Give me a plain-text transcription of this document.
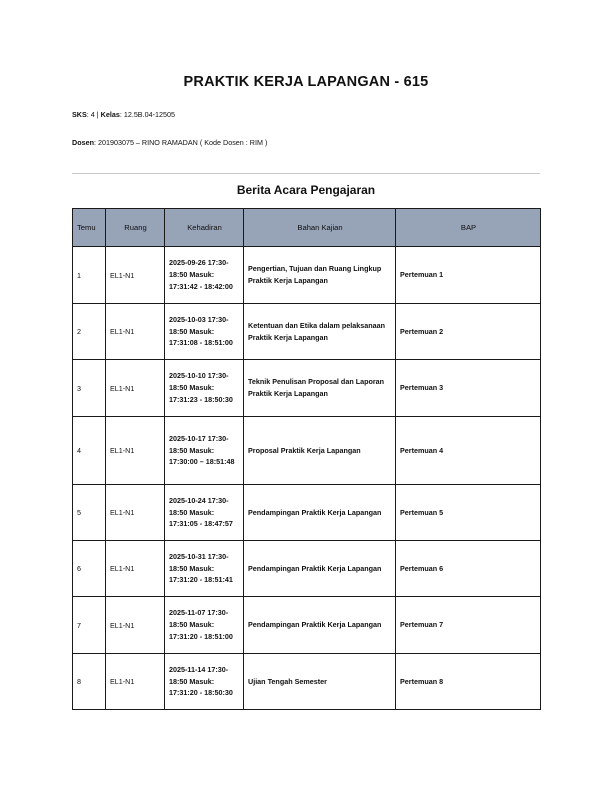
PRAKTIK KERJA LAPANGAN - 615
SKS: 4 | Kelas: 12.5B.04-12505
Dosen: 201903075 – RINO RAMADAN ( Kode Dosen : RIM )
Berita Acara Pengajaran
Temu	Ruang	Kehadiran	Bahan Kajian	BAP
1	EL1-N1	2025-09-26 17:30-18:50 Masuk: 17:31:42 - 18:42:00	Pengertian, Tujuan dan Ruang Lingkup Praktik Kerja Lapangan	Pertemuan 1
2	EL1-N1	2025-10-03 17:30-18:50 Masuk: 17:31:08 - 18:51:00	Ketentuan dan Etika dalam pelaksanaan Praktik Kerja Lapangan	Pertemuan 2
3	EL1-N1	2025-10-10 17:30-18:50 Masuk: 17:31:23 - 18:50:30	Teknik Penulisan Proposal dan Laporan Praktik Kerja Lapangan	Pertemuan 3
4	EL1-N1	2025-10-17 17:30-18:50 Masuk: 17:30:00 – 18:51:48	Proposal Praktik Kerja Lapangan	Pertemuan 4
5	EL1-N1	2025-10-24 17:30-18:50 Masuk: 17:31:05 - 18:47:57	Pendampingan Praktik Kerja Lapangan	Pertemuan 5
6	EL1-N1	2025-10-31 17:30-18:50 Masuk: 17:31:20 - 18:51:41	Pendampingan Praktik Kerja Lapangan	Pertemuan 6
7	EL1-N1	2025-11-07 17:30-18:50 Masuk: 17:31:20 - 18:51:00	Pendampingan Praktik Kerja Lapangan	Pertemuan 7
8	EL1-N1	2025-11-14 17:30-18:50 Masuk: 17:31:20 - 18:50:30	Ujian Tengah Semester	Pertemuan 8
